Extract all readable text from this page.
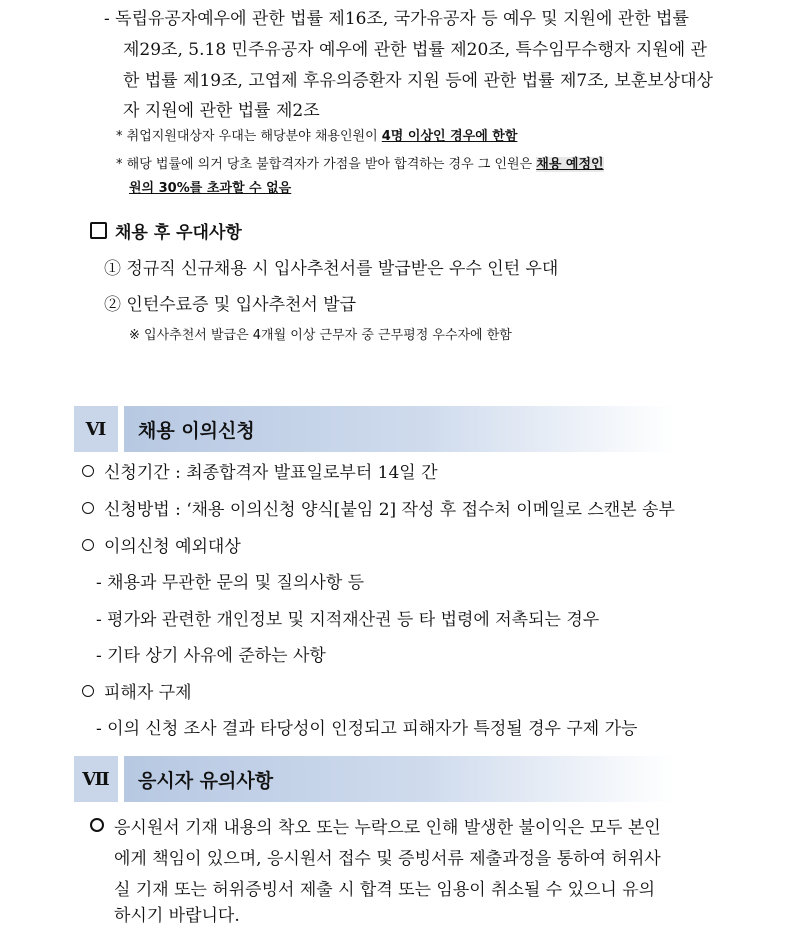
- 독립유공자예우에 관한 법률 제16조, 국가유공자 등 예우 및 지원에 관한 법률
제29조, 5.18 민주유공자 예우에 관한 법률 제20조, 특수임무수행자 지원에 관
한 법률 제19조, 고엽제 후유의증환자 지원 등에 관한 법률 제7조, 보훈보상대상
자 지원에 관한 법률 제2조
* 취업지원대상자 우대는 해당분야 채용인원이 4명 이상인 경우에 한함
* 해당 법률에 의거 당초 불합격자가 가점을 받아 합격하는 경우 그 인원은 채용 예정인
원의 30%를 초과할 수 없음
채용 후 우대사항
① 정규직 신규채용 시 입사추천서를 발급받은 우수 인턴 우대
② 인턴수료증 및 입사추천서 발급
※ 입사추천서 발급은 4개월 이상 근무자 중 근무평정 우수자에 한함
Ⅵ	채용 이의신청
신청기간 : 최종합격자 발표일로부터 14일 간
신청방법 : ‘채용 이의신청 양식[붙임 2] 작성 후 접수처 이메일로 스캔본 송부
이의신청 예외대상
- 채용과 무관한 문의 및 질의사항 등
- 평가와 관련한 개인정보 및 지적재산권 등 타 법령에 저촉되는 경우
- 기타 상기 사유에 준하는 사항
피해자 구제
- 이의 신청 조사 결과 타당성이 인정되고 피해자가 특정될 경우 구제 가능
Ⅶ	응시자 유의사항
응시원서 기재 내용의 착오 또는 누락으로 인해 발생한 불이익은 모두 본인
에게 책임이 있으며, 응시원서 접수 및 증빙서류 제출과정을 통하여 허위사
실 기재 또는 허위증빙서 제출 시 합격 또는 임용이 취소될 수 있으니 유의
하시기 바랍니다.
